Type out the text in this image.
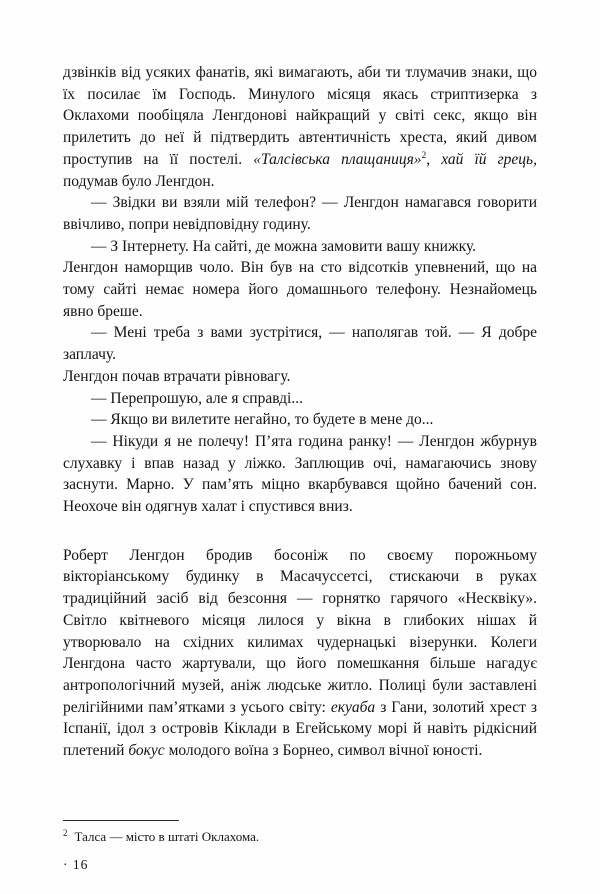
дзвінків від усяких фанатів, які вимагають, аби ти тлумачив знаки, що їх посилає їм Господь. Минулого місяця якась стриптизерка з Оклахоми пообіцяла Ленгдонові найкращий у світі секс, якщо він прилетить до неї й підтвердить автентичність хреста, який дивом проступив на її постелі. «Талсівська плащаниця»$^2$, хай їй грець, подумав було Ленгдон.

— Звідки ви взяли мій телефон? — Ленгдон намагався говорити ввічливо, попри невідповідну годину.

— З Інтернету. На сайті, де можна замовити вашу книжку.

Ленгдон наморщив чоло. Він був на сто відсотків упевнений, що на тому сайті немає номера його домашнього телефону. Незнайомець явно бреше.

— Мені треба з вами зустрітися, — наполягав той. — Я добре заплачу.

Ленгдон почав втрачати рівновагу.

— Перепрошую, але я справді...

— Якщо ви вилетите негайно, то будете в мене до...

— Нікуди я не полечу! П’ята година ранку! — Ленгдон жбурнув слухавку і впав назад у ліжко. Заплющив очі, намагаючись знову заснути. Марно. У пам’ять міцно вкарбувався щойно бачений сон. Неохоче він одягнув халат і спустився вниз.

Роберт Ленгдон бродив босоніж по своєму порожньому вікторіанському будинку в Масачуссетсі, стискаючи в руках традиційний засіб від безсоння — горнятко гарячого «Несквіку». Світло квітневого місяця лилося у вікна в глибоких нішах й утворювало на східних килимах чудернацькі візерунки. Колеги Ленгдона часто жартували, що його помешкання більше нагадує антропологічний музей, аніж людське житло. Полиці були заставлені релігійними пам’ятками з усього світу: екуаба з Гани, золотий хрест з Іспанії, ідол з островів Кіклади в Егейському морі й навіть рідкісний плетений бокус молодого воїна з Борнео, символ вічної юності.

$^2$ Талса — місто в штаті Оклахома.

· 16
